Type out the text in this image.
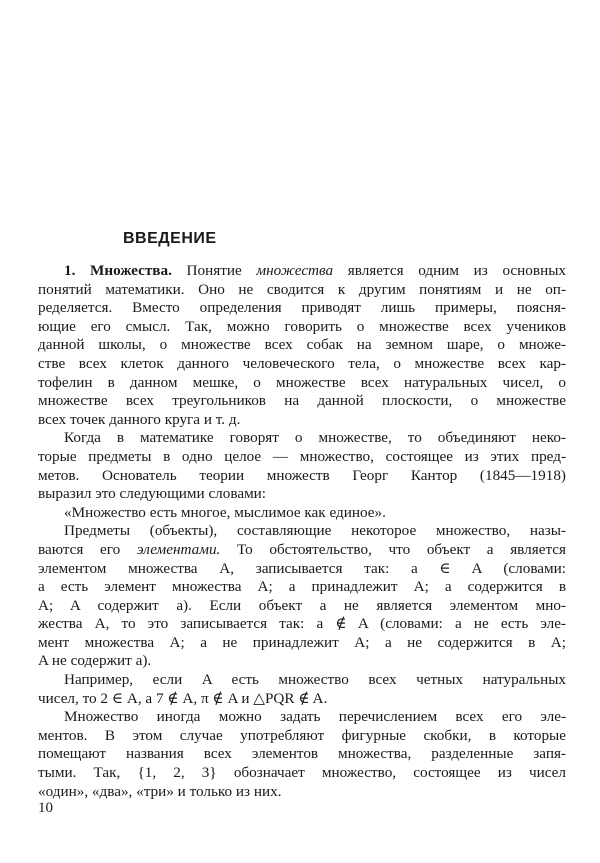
ВВЕДЕНИЕ
1. Множества. Понятие множества является одним из основных
понятий математики. Оно не сводится к другим понятиям и не оп-
ределяется. Вместо определения приводят лишь примеры, поясня-
ющие его смысл. Так, можно говорить о множестве всех учеников
данной школы, о множестве всех собак на земном шаре, о множе-
стве всех клеток данного человеческого тела, о множестве всех кар-
тофелин в данном мешке, о множестве всех натуральных чисел, о
множестве всех треугольников на данной плоскости, о множестве
всех точек данного круга и т. д.
Когда в математике говорят о множестве, то объединяют неко-
торые предметы в одно целое — множество, состоящее из этих пред-
метов. Основатель теории множеств Георг Кантор (1845—1918)
выразил это следующими словами:
«Множество есть многое, мыслимое как единое».
Предметы (объекты), составляющие некоторое множество, назы-
ваются его элементами. То обстоятельство, что объект a является
элементом множества A, записывается так: a ∈ A (словами:
a есть элемент множества A; a принадлежит A; a содержится в
A; A содержит a). Если объект a не является элементом мно-
жества A, то это записывается так: a ∉ A (словами: a не есть эле-
мент множества A; a не принадлежит A; a не содержится в A;
A не содержит a).
Например, если A есть множество всех четных натуральных
чисел, то 2 ∈ A, а 7 ∉ A, π ∉ A и △PQR ∉ A.
Множество иногда можно задать перечислением всех его эле-
ментов. В этом случае употребляют фигурные скобки, в которые
помещают названия всех элементов множества, разделенные запя-
тыми. Так, {1, 2, 3} обозначает множество, состоящее из чисел
«один», «два», «три» и только из них.
10
